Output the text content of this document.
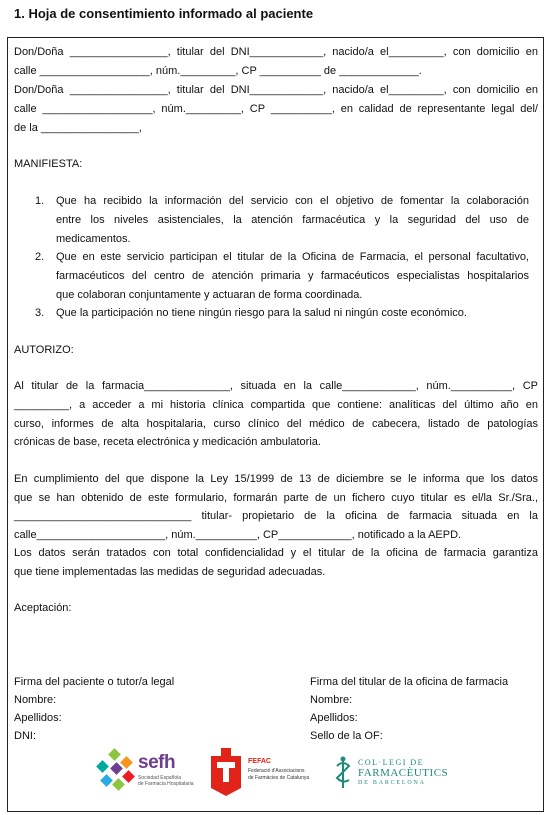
1. Hoja de consentimiento informado al paciente
Don/Doña ________________, titular del DNI____________, nacido/a el_________, con domicilio en
calle __________________, núm._________, CP __________ de _____________.
Don/Doña ________________, titular del DNI____________, nacido/a el_________, con domicilio en
calle __________________, núm._________, CP __________, en calidad de representante legal del/
de la ________________,
MANIFIESTA:
1. Que ha recibido la información del servicio con el objetivo de fomentar la colaboración
entre los niveles asistenciales, la atención farmacéutica y la seguridad del uso de
medicamentos.
2. Que en este servicio participan el titular de la Oficina de Farmacia, el personal facultativo,
farmacéuticos del centro de atención primaria y farmacéuticos especialistas hospitalarios
que colaboran conjuntamente y actuaran de forma coordinada.
3. Que la participación no tiene ningún riesgo para la salud ni ningún coste económico.
AUTORIZO:
Al titular de la farmacia______________, situada en la calle____________, núm.__________, CP
_________, a acceder a mi historia clínica compartida que contiene: analíticas del último año en
curso, informes de alta hospitalaria, curso clínico del médico de cabecera, listado de patologías
crónicas de base, receta electrónica y medicación ambulatoria.
En cumplimiento del que dispone la Ley 15/1999 de 13 de diciembre se le informa que los datos
que se han obtenido de este formulario, formarán parte de un fichero cuyo titular es el/la Sr./Sra.,
_____________________________ titular- propietario de la oficina de farmacia situada en la
calle_____________________, núm.__________, CP____________, notificado a la AEPD.
Los datos serán tratados con total confidencialidad y el titular de la oficina de farmacia garantiza
que tiene implementadas las medidas de seguridad adecuadas.
Aceptación:
Firma del paciente o tutor/a legal
Nombre:
Apellidos:
DNI:
Firma del titular de la oficina de farmacia
Nombre:
Apellidos:
Sello de la OF:
sefh
Sociedad Española
de Farmacia Hospitalaria
FEFAC
Federació d'Associacions
de Farmàcies de Catalunya
COL·LEGI DE
FARMACÈUTICS
DE BARCELONA
